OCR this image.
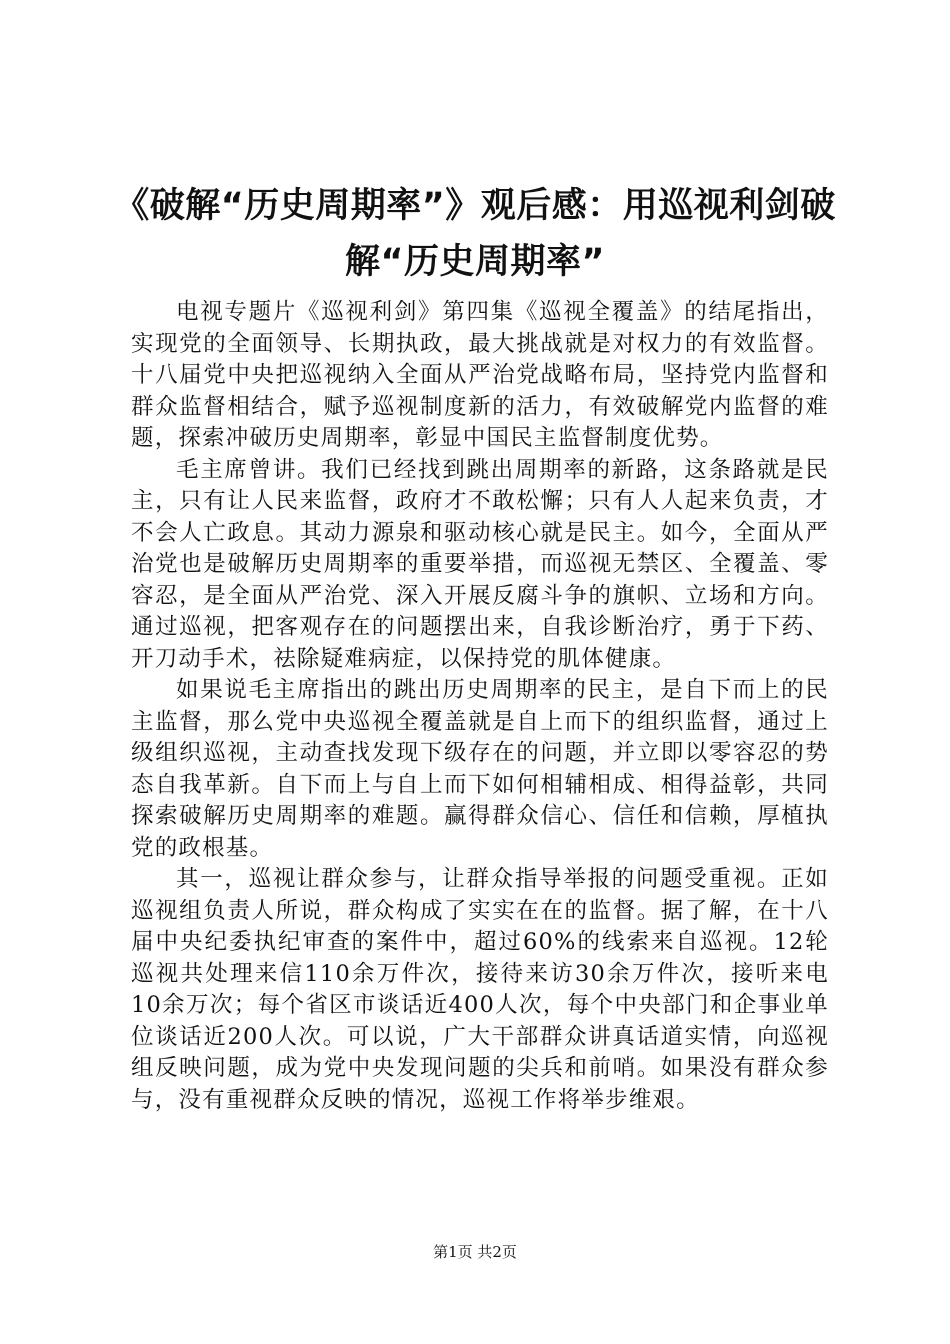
《破解“历史周期率”》观后感：用巡视利剑破解“历史周期率”

电视专题片《巡视利剑》第四集《巡视全覆盖》的结尾指出，实现党的全面领导、长期执政，最大挑战就是对权力的有效监督。十八届党中央把巡视纳入全面从严治党战略布局，坚持党内监督和群众监督相结合，赋予巡视制度新的活力，有效破解党内监督的难题，探索冲破历史周期率，彰显中国民主监督制度优势。

毛主席曾讲。我们已经找到跳出周期率的新路，这条路就是民主，只有让人民来监督，政府才不敢松懈；只有人人起来负责，才不会人亡政息。其动力源泉和驱动核心就是民主。如今，全面从严治党也是破解历史周期率的重要举措，而巡视无禁区、全覆盖、零容忍，是全面从严治党、深入开展反腐斗争的旗帜、立场和方向。通过巡视，把客观存在的问题摆出来，自我诊断治疗，勇于下药、开刀动手术，祛除疑难病症，以保持党的肌体健康。

如果说毛主席指出的跳出历史周期率的民主，是自下而上的民主监督，那么党中央巡视全覆盖就是自上而下的组织监督，通过上级组织巡视，主动查找发现下级存在的问题，并立即以零容忍的势态自我革新。自下而上与自上而下如何相辅相成、相得益彰，共同探索破解历史周期率的难题。赢得群众信心、信任和信赖，厚植执党的政根基。

其一，巡视让群众参与，让群众指导举报的问题受重视。正如巡视组负责人所说，群众构成了实实在在的监督。据了解，在十八届中央纪委执纪审查的案件中，超过60%的线索来自巡视。12轮巡视共处理来信110余万件次，接待来访30余万件次，接听来电10余万次；每个省区市谈话近400人次，每个中央部门和企事业单位谈话近200人次。可以说，广大干部群众讲真话道实情，向巡视组反映问题，成为党中央发现问题的尖兵和前哨。如果没有群众参与，没有重视群众反映的情况，巡视工作将举步维艰。

第1页 共2页
